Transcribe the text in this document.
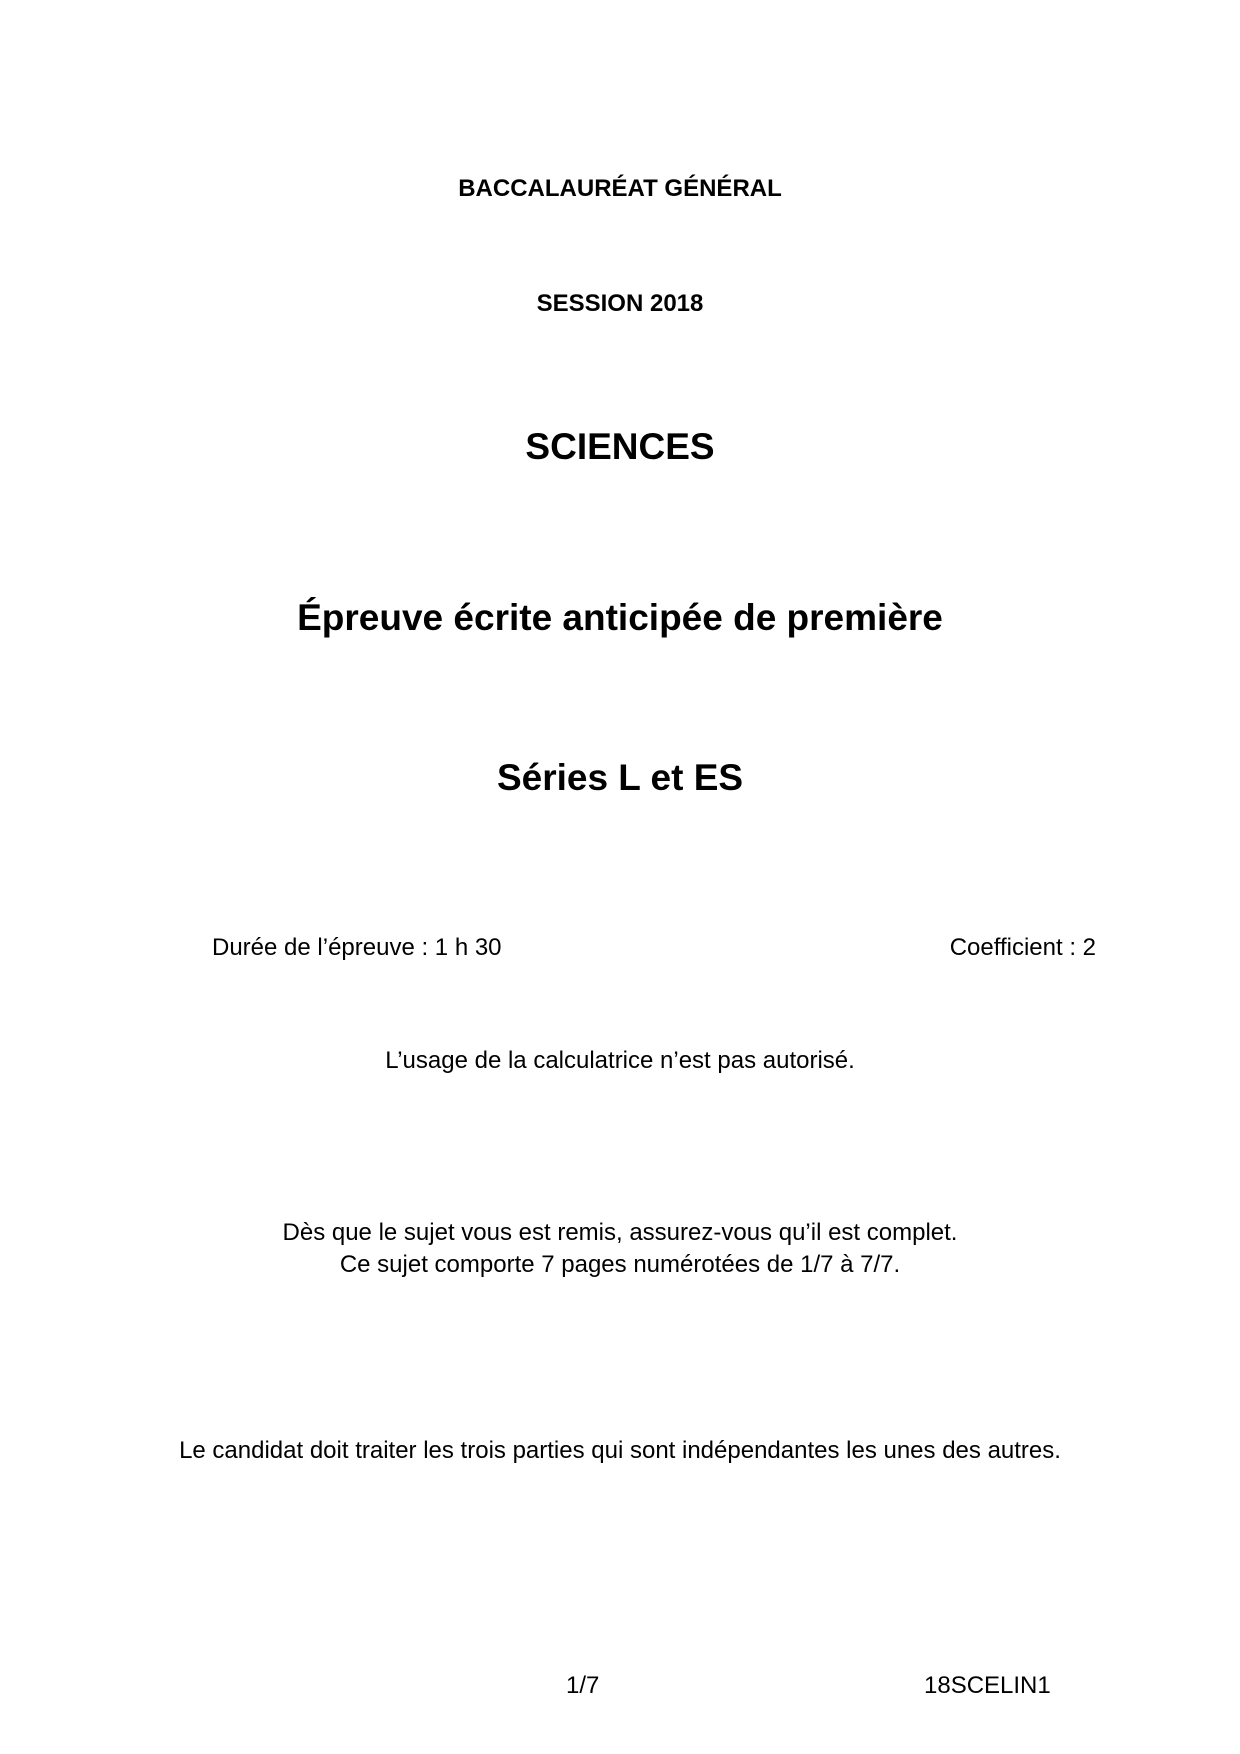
BACCALAURÉAT GÉNÉRAL
SESSION 2018
SCIENCES
Épreuve écrite anticipée de première
Séries L et ES
Durée de l’épreuve : 1 h 30	Coefficient : 2
L’usage de la calculatrice n’est pas autorisé.
Dès que le sujet vous est remis, assurez-vous qu’il est complet.
Ce sujet comporte 7 pages numérotées de 1/7 à 7/7.
Le candidat doit traiter les trois parties qui sont indépendantes les unes des autres.
1/7	18SCELIN1
